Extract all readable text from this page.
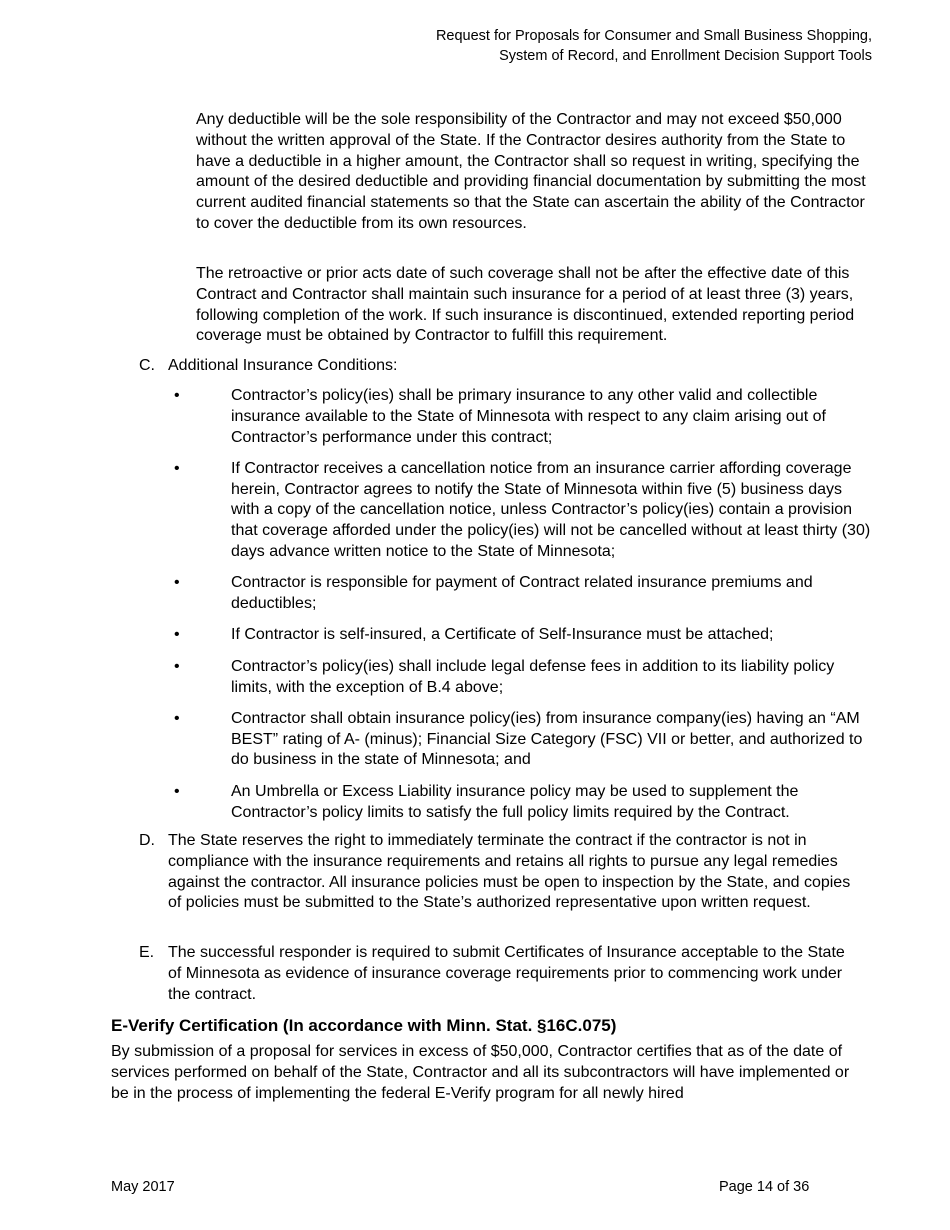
Request for Proposals for Consumer and Small Business Shopping,
System of Record, and Enrollment Decision Support Tools

Any deductible will be the sole responsibility of the Contractor and may not exceed $50,000 without the written approval of the State. If the Contractor desires authority from the State to have a deductible in a higher amount, the Contractor shall so request in writing, specifying the amount of the desired deductible and providing financial documentation by submitting the most current audited financial statements so that the State can ascertain the ability of the Contractor to cover the deductible from its own resources.

The retroactive or prior acts date of such coverage shall not be after the effective date of this Contract and Contractor shall maintain such insurance for a period of at least three (3) years, following completion of the work. If such insurance is discontinued, extended reporting period coverage must be obtained by Contractor to fulfill this requirement.

C. Additional Insurance Conditions:
•	Contractor’s policy(ies) shall be primary insurance to any other valid and collectible insurance available to the State of Minnesota with respect to any claim arising out of Contractor’s performance under this contract;
•	If Contractor receives a cancellation notice from an insurance carrier affording coverage herein, Contractor agrees to notify the State of Minnesota within five (5) business days with a copy of the cancellation notice, unless Contractor’s policy(ies) contain a provision that coverage afforded under the policy(ies) will not be cancelled without at least thirty (30) days advance written notice to the State of Minnesota;
•	Contractor is responsible for payment of Contract related insurance premiums and deductibles;
•	If Contractor is self-insured, a Certificate of Self-Insurance must be attached;
•	Contractor’s policy(ies) shall include legal defense fees in addition to its liability policy limits, with the exception of B.4 above;
•	Contractor shall obtain insurance policy(ies) from insurance company(ies) having an “AM BEST” rating of A- (minus); Financial Size Category (FSC) VII or better, and authorized to do business in the state of Minnesota; and
•	An Umbrella or Excess Liability insurance policy may be used to supplement the Contractor’s policy limits to satisfy the full policy limits required by the Contract.
D. The State reserves the right to immediately terminate the contract if the contractor is not in compliance with the insurance requirements and retains all rights to pursue any legal remedies against the contractor. All insurance policies must be open to inspection by the State, and copies of policies must be submitted to the State’s authorized representative upon written request.
E. The successful responder is required to submit Certificates of Insurance acceptable to the State of Minnesota as evidence of insurance coverage requirements prior to commencing work under the contract.
E-Verify Certification (In accordance with Minn. Stat. §16C.075)

By submission of a proposal for services in excess of $50,000, Contractor certifies that as of the date of services performed on behalf of the State, Contractor and all its subcontractors will have implemented or be in the process of implementing the federal E-Verify program for all newly hired

May 2017	Page 14 of 36
